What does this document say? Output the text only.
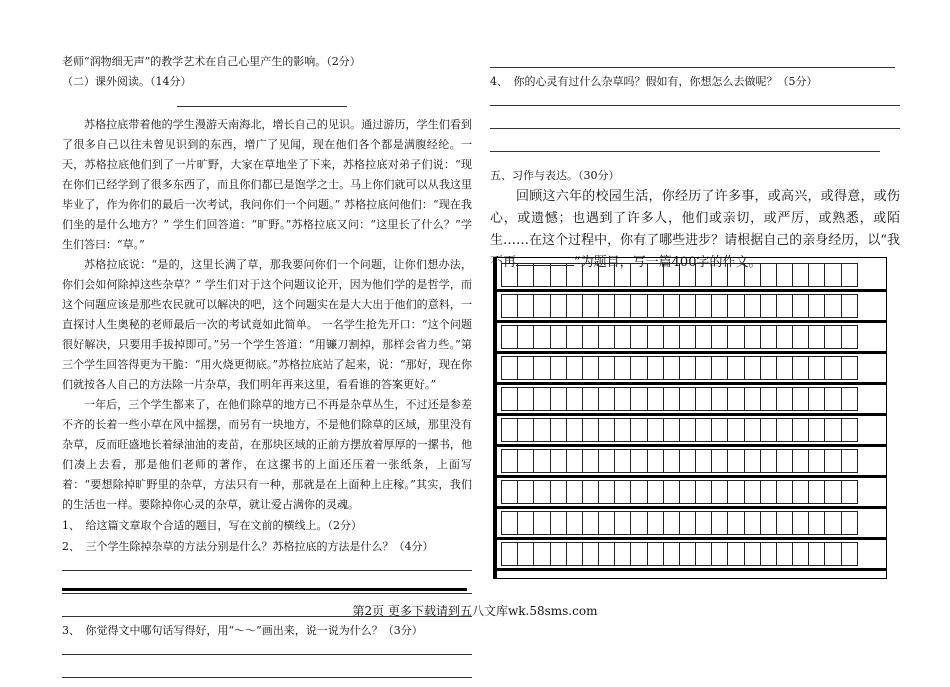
老师“润物细无声”的教学艺术在自己心里产生的影响。（2分）

（二）课外阅读。（14分）

苏格拉底带着他的学生漫游天南海北，增长自己的见识。通过游历，学生们看到了很多自己以往未曾见识到的东西，增广了见闻，现在他们各个都是满腹经纶。一天，苏格拉底他们到了一片旷野，大家在草地坐了下来，苏格拉底对弟子们说：“现在你们已经学到了很多东西了，而且你们都已是饱学之士。马上你们就可以从我这里毕业了，作为你们的最后一次考试，我问你们一个问题。” 苏格拉底问他们：“现在我们坐的是什么地方？” 学生们回答道：“旷野。”苏格拉底又问：“这里长了什么？”学生们答曰：“草。”

苏格拉底说：“是的，这里长满了草，那我要问你们一个问题，让你们想办法，你们会如何除掉这些杂草？” 学生们对于这个问题议论开，因为他们学的是哲学，而这个问题应该是那些农民就可以解决的吧，这个问题实在是大大出于他们的意料，一直探讨人生奥秘的老师最后一次的考试竟如此简单。 一名学生抢先开口：“这个问题很好解决，只要用手拔掉即可。”另一个学生答道：“用镰刀割掉，那样会省力些。”第三个学生回答得更为干脆：“用火烧更彻底。”苏格拉底站了起来，说：“那好，现在你们就按各人自己的方法除一片杂草，我们明年再来这里，看看谁的答案更好。”

一年后，三个学生都来了，在他们除草的地方已不再是杂草丛生，不过还是参差不齐的长着一些小草在风中摇摆，而另有一块地方，不是他们除草的区域，那里没有杂草，反而旺盛地长着绿油油的麦苗，在那块区域的正前方摆放着厚厚的一摞书，他们凑上去看，那是他们老师的著作，在这摞书的上面还压着一张纸条，上面写着：“要想除掉旷野里的杂草，方法只有一种，那就是在上面种上庄稼。”其实，我们的生活也一样。要除掉你心灵的杂草，就让爱占满你的灵魂。

1、　给这篇文章取个合适的题目，写在文前的横线上。（2分）

2、　三个学生除掉杂草的方法分别是什么？苏格拉底的方法是什么？（4分）

3、　你觉得文中哪句话写得好，用“～～”画出来，说一说为什么？（3分）

4、　你的心灵有过什么杂草吗？假如有，你想怎么去做呢？（5分）

五、习作与表达。（30分）

回顾这六年的校园生活，你经历了许多事，或高兴，或得意，或伤心，或遗憾；也遇到了许多人，他们或亲切，或严厉，或熟悉，或陌生……在这个过程中，你有了哪些进步？请根据自己的亲身经历，以“我不再	”为题目，写一篇400字的作文。

第2页 更多下载请到五八文库wk.58sms.com
